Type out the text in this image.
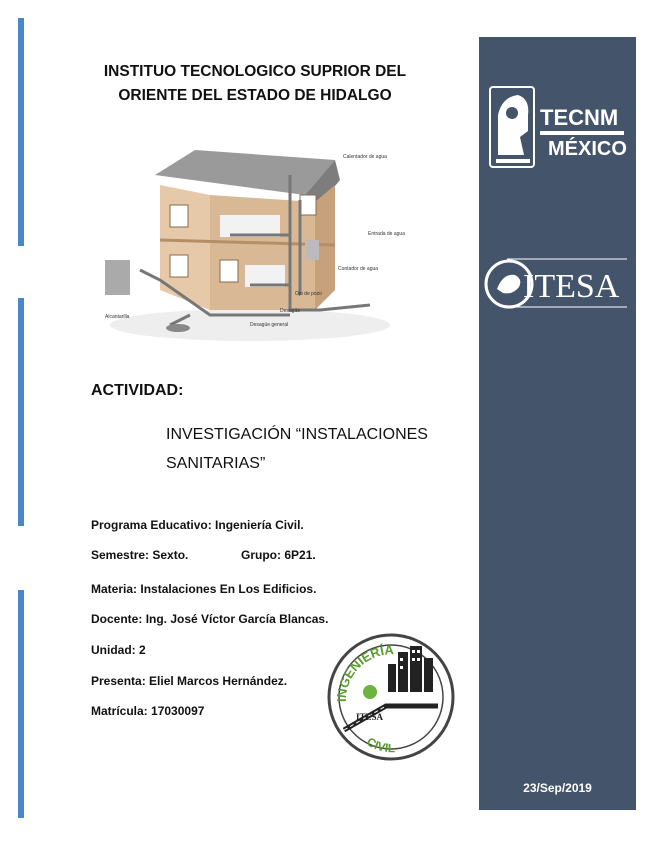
TECNM
MÉXICO
ITESA
INSTITUO TECNOLOGICO SUPRIOR DEL
ORIENTE DEL ESTADO DE HIDALGO
Calentador de agua
Entrada de agua
Contador de agua
Desagüe
Desagüe general
Alcantarilla
Ojo de pozo
ACTIVIDAD:
INVESTIGACIÓN “INSTALACIONES
SANITARIAS”
Programa Educativo: Ingeniería Civil.
Semestre: Sexto.	Grupo: 6P21.
Materia: Instalaciones En Los Edificios.
Docente: Ing. José Víctor García Blancas.
Unidad: 2
Presenta: Eliel Marcos Hernández.
Matrícula: 17030097
INGENIERÍA
CIVIL
ITESA
23/Sep/2019
